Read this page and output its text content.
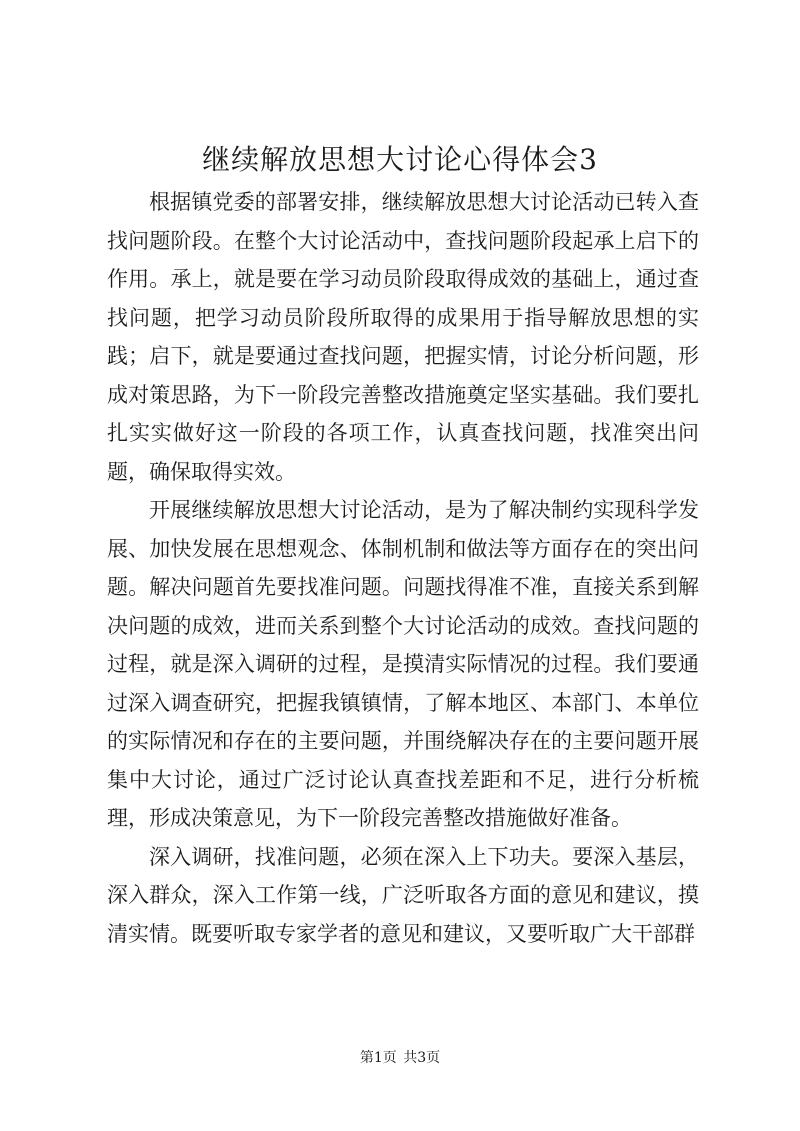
继续解放思想大讨论心得体会3

根据镇党委的部署安排，继续解放思想大讨论活动已转入查找问题阶段。在整个大讨论活动中，查找问题阶段起承上启下的作用。承上，就是要在学习动员阶段取得成效的基础上，通过查找问题，把学习动员阶段所取得的成果用于指导解放思想的实践；启下，就是要通过查找问题，把握实情，讨论分析问题，形成对策思路，为下一阶段完善整改措施奠定坚实基础。我们要扎扎实实做好这一阶段的各项工作，认真查找问题，找准突出问题，确保取得实效。

开展继续解放思想大讨论活动，是为了解决制约实现科学发展、加快发展在思想观念、体制机制和做法等方面存在的突出问题。解决问题首先要找准问题。问题找得准不准，直接关系到解决问题的成效，进而关系到整个大讨论活动的成效。查找问题的过程，就是深入调研的过程，是摸清实际情况的过程。我们要通过深入调查研究，把握我镇镇情，了解本地区、本部门、本单位的实际情况和存在的主要问题，并围绕解决存在的主要问题开展集中大讨论，通过广泛讨论认真查找差距和不足，进行分析梳理，形成决策意见，为下一阶段完善整改措施做好准备。

深入调研，找准问题，必须在深入上下功夫。要深入基层，深入群众，深入工作第一线，广泛听取各方面的意见和建议，摸清实情。既要听取专家学者的意见和建议，又要听取广大干部群

第1页 共3页
